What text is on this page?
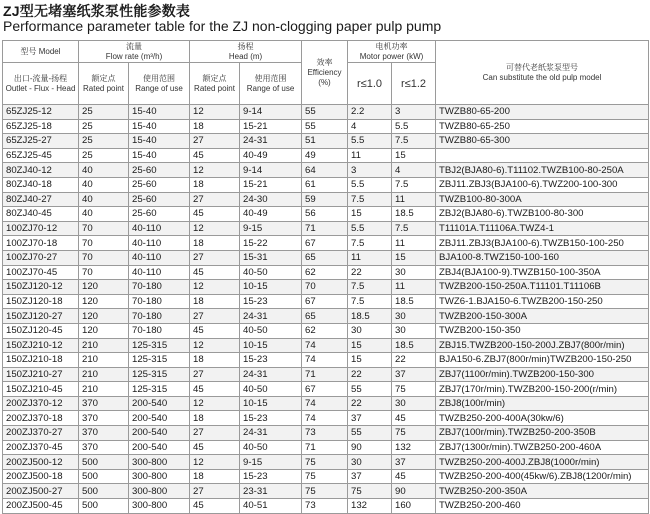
ZJ型无堵塞纸浆泵性能参数表
Performance parameter table for the ZJ non-clogging paper pulp pump
型号 Model	流量
Flow rate (m³/h)		扬程
Head (m)		效率
Efficiency
(%)	电机功率
Motor power (kW)		可替代老纸浆泵型号
Can substitute the old pulp model
出口-流量-扬程
Outlet - Flux - Head	额定点
Rated point	使用范围
Range of use	额定点
Rated point	使用范围
Range of use		r≤1.0	r≤1.2	
65ZJ25-12	25	15-40	12	9-14	55	2.2	3	TWZB80-65-200
65ZJ25-18	25	15-40	18	15-21	55	4	5.5	TWZB80-65-250
65ZJ25-27	25	15-40	27	24-31	51	5.5	7.5	TWZB80-65-300
65ZJ25-45	25	15-40	45	40-49	49	11	15	
80ZJ40-12	40	25-60	12	9-14	64	3	4	TBJ2(BJA80-6).T11102.TWZB100-80-250A
80ZJ40-18	40	25-60	18	15-21	61	5.5	7.5	ZBJ11.ZBJ3(BJA100-6).TWZ200-100-300
80ZJ40-27	40	25-60	27	24-30	59	7.5	11	TWZB100-80-300A
80ZJ40-45	40	25-60	45	40-49	56	15	18.5	ZBJ2(BJA80-6).TWZB100-80-300
100ZJ70-12	70	40-110	12	9-15	71	5.5	7.5	T11101A.T11106A.TWZ4-1
100ZJ70-18	70	40-110	18	15-22	67	7.5	11	ZBJ11.ZBJ3(BJA100-6).TWZB150-100-250
100ZJ70-27	70	40-110	27	15-31	65	11	15	BJA100-8.TWZ150-100-160
100ZJ70-45	70	40-110	45	40-50	62	22	30	ZBJ4(BJA100-9).TWZB150-100-350A
150ZJ120-12	120	70-180	12	10-15	70	7.5	11	TWZB200-150-250A.T11101.T11106B
150ZJ120-18	120	70-180	18	15-23	67	7.5	18.5	TWZ6-1.BJA150-6.TWZB200-150-250
150ZJ120-27	120	70-180	27	24-31	65	18.5	30	TWZB200-150-300A
150ZJ120-45	120	70-180	45	40-50	62	30	30	TWZB200-150-350
150ZJ210-12	210	125-315	12	10-15	74	15	18.5	ZBJ15.TWZB200-150-200J.ZBJ7(800r/min)
150ZJ210-18	210	125-315	18	15-23	74	15	22	BJA150-6.ZBJ7(800r/min)TWZB200-150-250
150ZJ210-27	210	125-315	27	24-31	71	22	37	ZBJ7(1100r/min).TWZB200-150-300
150ZJ210-45	210	125-315	45	40-50	67	55	75	ZBJ7(170r/min).TWZB200-150-200(r/min)
200ZJ370-12	370	200-540	12	10-15	74	22	30	ZBJ8(100r/min)
200ZJ370-18	370	200-540	18	15-23	74	37	45	TWZB250-200-400A(30kw/6)
200ZJ370-27	370	200-540	27	24-31	73	55	75	ZBJ7(100r/min).TWZB250-200-350B
200ZJ370-45	370	200-540	45	40-50	71	90	132	ZBJ7(1300r/min).TWZB250-200-460A
200ZJ500-12	500	300-800	12	9-15	75	30	37	TWZB250-200-400J.ZBJ8(1000r/min)
200ZJ500-18	500	300-800	18	15-23	75	37	45	TWZB250-200-400(45kw/6).ZBJ8(1200r/min)
200ZJ500-27	500	300-800	27	23-31	75	75	90	TWZB250-200-350A
200ZJ500-45	500	300-800	45	40-51	73	132	160	TWZB250-200-460
